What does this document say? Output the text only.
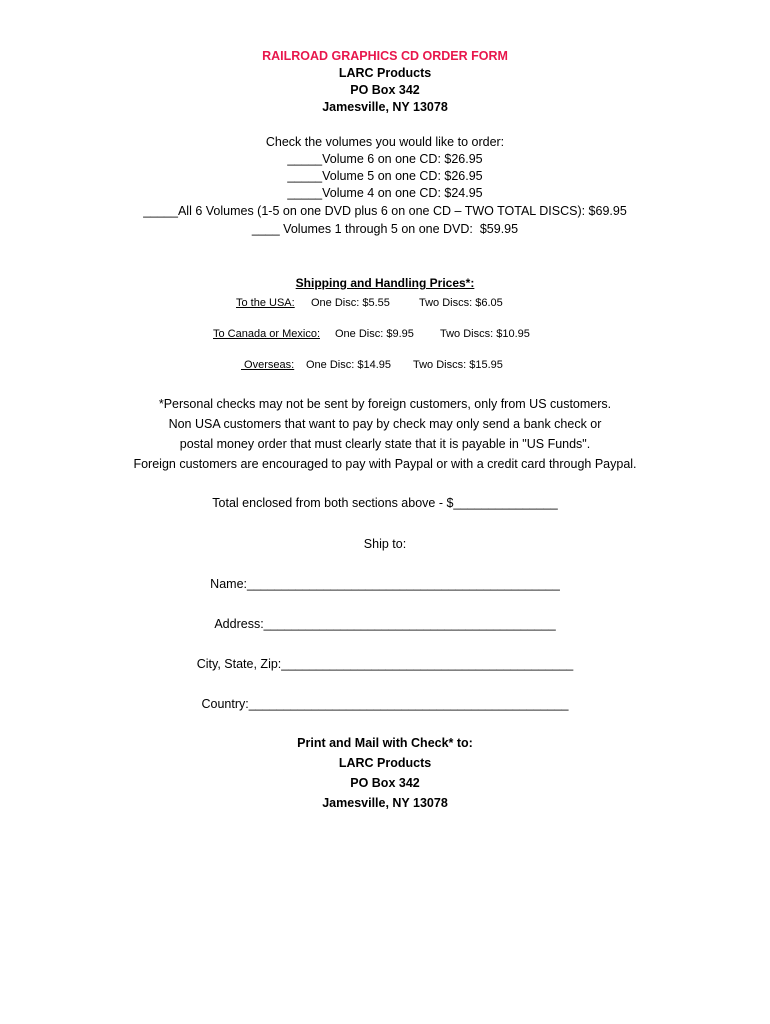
RAILROAD GRAPHICS CD ORDER FORM
LARC Products
PO Box 342
Jamesville, NY 13078
Check the volumes you would like to order:
_____Volume 6 on one CD: $26.95
_____Volume 5 on one CD: $26.95
_____Volume 4 on one CD: $24.95
_____All 6 Volumes (1-5 on one DVD plus 6 on one CD – TWO TOTAL DISCS): $69.95
____ Volumes 1 through 5 on one DVD:  $59.95
Shipping and Handling Prices*:
To the USA: One Disc: $5.55	Two Discs: $6.05
To Canada or Mexico: One Disc: $9.95 Two Discs: $10.95
Overseas: One Disc: $14.95 Two Discs: $15.95
*Personal checks may not be sent by foreign customers, only from US customers.
Non USA customers that want to pay by check may only send a bank check or
postal money order that must clearly state that it is payable in "US Funds".
Foreign customers are encouraged to pay with Paypal or with a credit card through Paypal.
Total enclosed from both sections above - $_______________
Ship to:
Name:_____________________________________________
Address:__________________________________________
City, State, Zip:__________________________________________
Country:______________________________________________
Print and Mail with Check* to:
LARC Products
PO Box 342
Jamesville, NY 13078
